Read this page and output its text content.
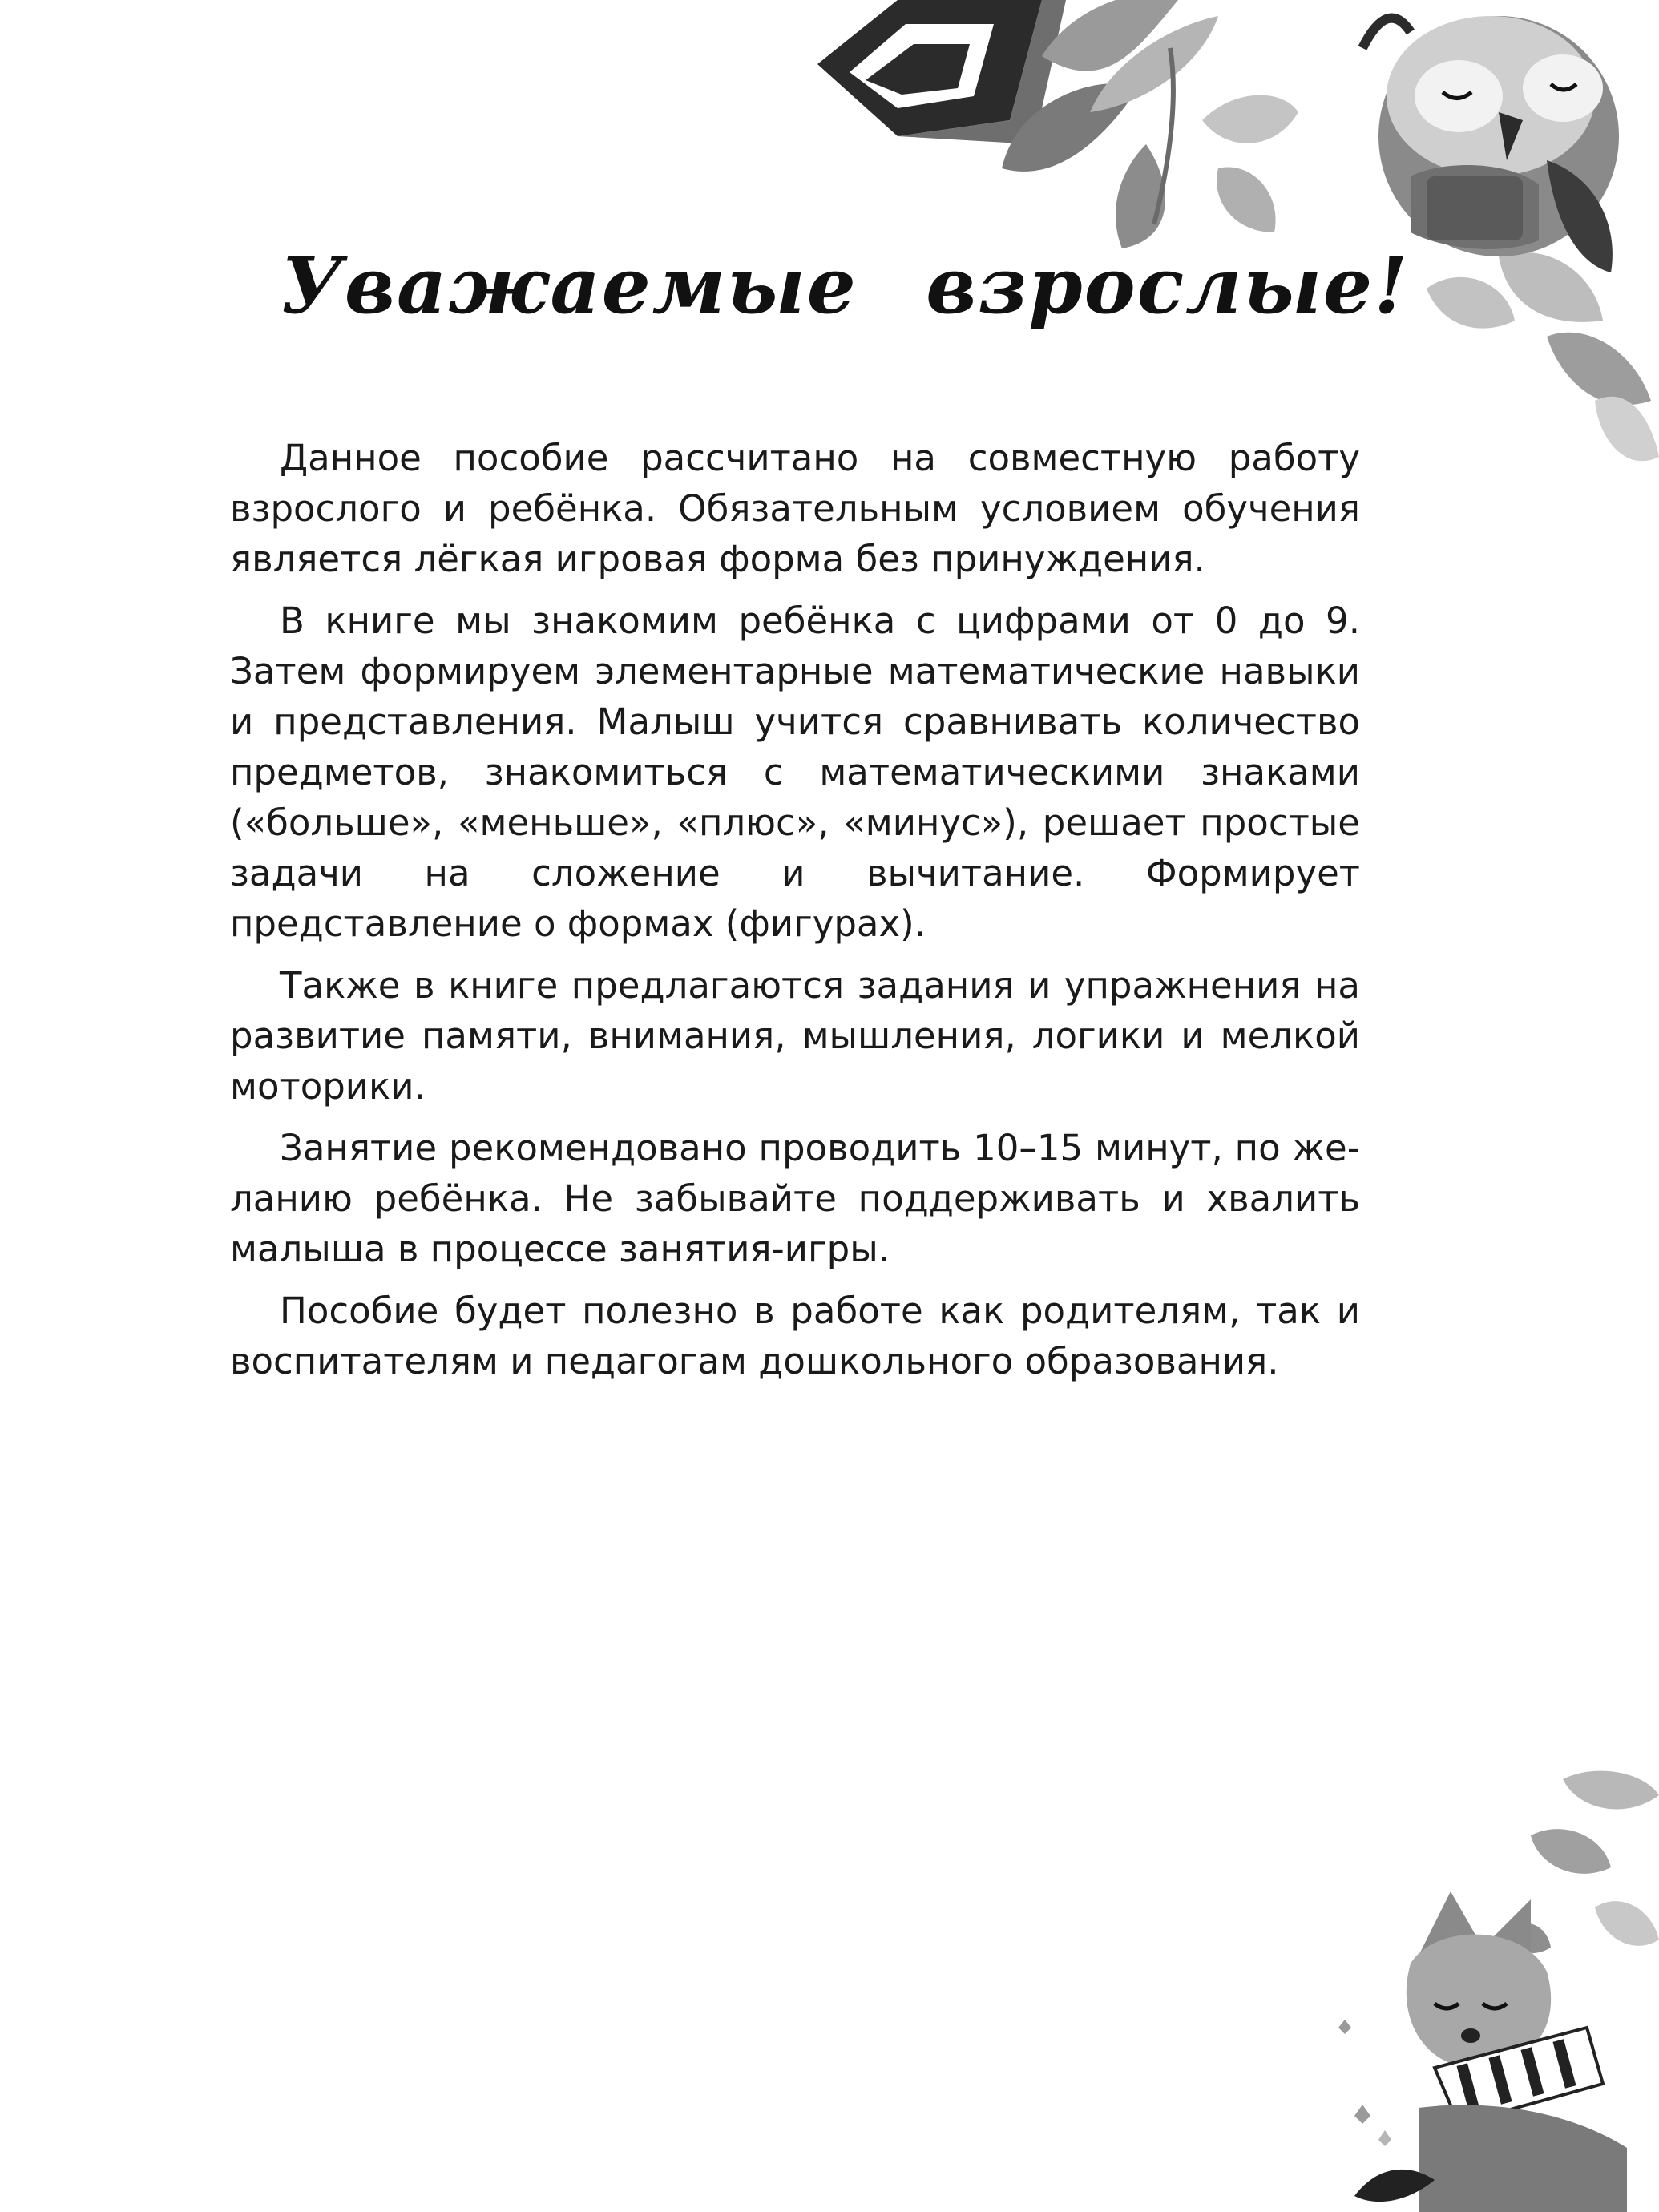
Уважаемые взрослые!

Данное пособие рассчитано на совместную работу взрослого и ребёнка. Обязательным условием обучения является лёгкая игровая форма без принуждения.

В книге мы знакомим ребёнка с цифрами от 0 до 9. Затем формируем элементарные математические навыки и представления. Малыш учится сравнивать количество предметов, знакомиться с математическими знаками («больше», «меньше», «плюс», «минус»), решает простые задачи на сложение и вычитание. Формирует представление о формах (фигурах).

Также в книге предлагаются задания и упражнения на развитие памяти, внимания, мышления, логики и мелкой моторики.

Занятие рекомендовано проводить 10–15 минут, по желанию ребёнка. Не забывайте поддерживать и хвалить малыша в процессе занятия-игры.

Пособие будет полезно в работе как родителям, так и воспитателям и педагогам дошкольного образования.
